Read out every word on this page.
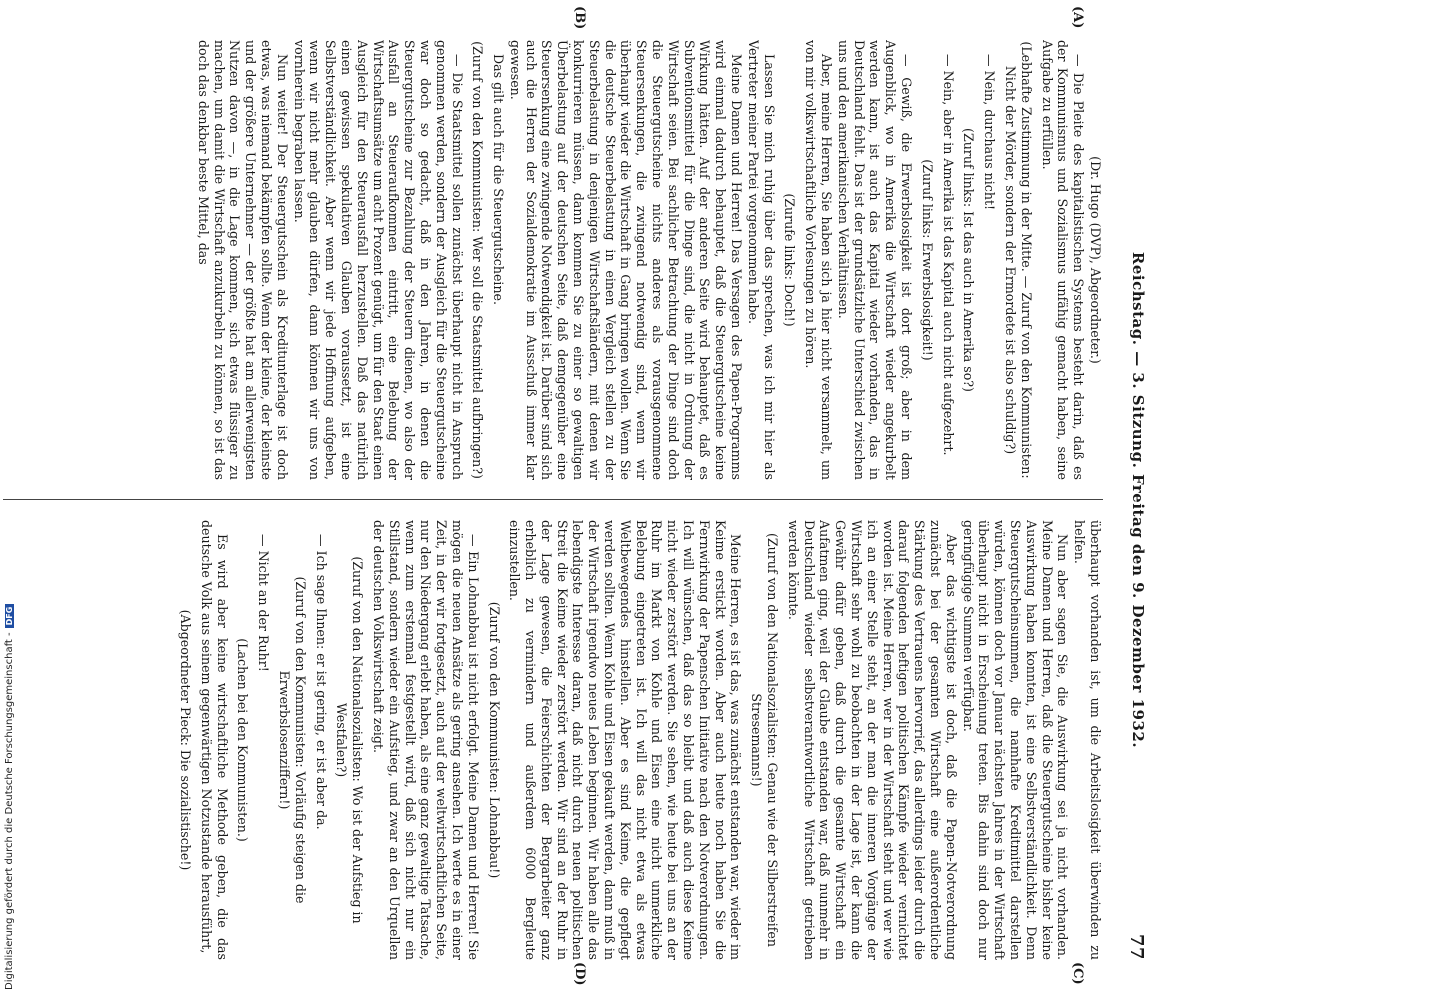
Digitalisierung gefördert durch die Deutsche Forschungsgemeinschaft -DFG	Reichstag. — 3. Sitzung. Freitag den 9. Dezember 1932.
77
(A)
(B)
(C)
(D)

(Dr. Hugo (DVP), Abgeordneter.)

— Die Pleite des kapitalistischen Systems besteht darin, daß es der Kommunismus und Sozialismus unfähig gemacht haben, seine Aufgabe zu erfüllen.

(Lebhafte Zustimmung in der Mitte. — Zuruf von den Kommunisten: Nicht der Mörder, sondern der Ermordete ist also schuldig?)

— Nein, durchaus nicht!

(Zuruf links: Ist das auch in Amerika so?)

— Nein, aber in Amerika ist das Kapital auch nicht aufgezehrt.

(Zuruf links: Erwerbslosigkeit!)

— Gewiß, die Erwerbslosigkeit ist dort groß; aber in dem Augenblick, wo in Amerika die Wirtschaft wieder angekurbelt werden kann, ist auch das Kapital wieder vorhanden, das in Deutschland fehlt. Das ist der grundsätzliche Unterschied zwischen uns und den amerikanischen Verhältnissen.

Aber, meine Herren, Sie haben sich ja hier nicht versammelt, um von mir volkswirtschaftliche Vorlesungen zu hören.

(Zurufe links: Doch!)

Lassen Sie mich ruhig über das sprechen, was ich mir hier als Vertreter meiner Partei vorgenommen habe.

Meine Damen und Herren! Das Versagen des Papen-Programms wird einmal dadurch behauptet, daß die Steuergutscheine keine Wirkung hätten. Auf der anderen Seite wird behauptet, daß es Subventionsmittel für die Dinge sind, die nicht in Ordnung der Wirtschaft seien. Bei sachlicher Betrachtung der Dinge sind doch die Steuergutscheine nichts anderes als vorausgenommene Steuersenkungen, die zwingend notwendig sind, wenn wir überhaupt wieder die Wirtschaft in Gang bringen wollen. Wenn Sie die deutsche Steuerbelastung in einen Vergleich stellen zu der Steuerbelastung in denjenigen Wirtschaftsländern, mit denen wir konkurrieren müssen, dann kommen Sie zu einer so gewaltigen Überbelastung auf der deutschen Seite, daß demgegenüber eine Steuersenkung eine zwingende Notwendigkeit ist. Darüber sind sich auch die Herren der Sozialdemokratie im Ausschuß immer klar gewesen.

Das gilt auch für die Steuergutscheine.

(Zuruf von den Kommunisten: Wer soll die Staatsmittel aufbringen?)

— Die Staatsmittel sollen zunächst überhaupt nicht in Anspruch genommen werden, sondern der Ausgleich für die Steuergutscheine war doch so gedacht, daß in den Jahren, in denen die Steuergutscheine zur Bezahlung der Steuern dienen, wo also der Ausfall an Steueraufkommen eintritt, eine Belebung der Wirtschaftsumsätze um acht Prozent genügt, um für den Staat einen Ausgleich für den Steuerausfall herzustellen. Daß das natürlich einen gewissen spekulativen Glauben voraussetzt, ist eine Selbstverständlichkeit. Aber wenn wir jede Hoffnung aufgeben, wenn wir nicht mehr glauben dürfen, dann können wir uns von vornherein begraben lassen.

Nun weiter! Der Steuergutschein als Kreditunterlage ist doch etwas, was niemand bekämpfen sollte. Wenn der kleine, der kleinste und der größere Unternehmer — der größte hat am allerwenigsten Nutzen davon —, in die Lage kommen, sich etwas flüssiger zu machen, um damit die Wirtschaft anzukurbeln zu können, so ist das doch das denkbar beste Mittel, das

überhaupt vorhanden ist, um die Arbeitslosigkeit überwinden zu helfen.

Nun aber sagen Sie, die Auswirkung sei ja nicht vorhanden. Meine Damen und Herren, daß die Steuergutscheine bisher keine Auswirkung haben konnten, ist eine Selbstverständlichkeit. Denn Steuergutscheinsummen, die namhafte Kreditmittel darstellen würden, können doch vor Januar nächsten Jahres in der Wirtschaft überhaupt nicht in Erscheinung treten. Bis dahin sind doch nur geringfügige Summen verfügbar.

Aber das wichtigste ist doch, daß die Papen-Notverordnung zunächst bei der gesamten Wirtschaft eine außerordentliche Stärkung des Vertrauens hervorrief, das allerdings leider durch die darauf folgenden heftigen politischen Kämpfe wieder vernichtet worden ist. Meine Herren, wer in der Wirtschaft steht und wer wie ich an einer Stelle steht, an der man die inneren Vorgänge der Wirtschaft sehr wohl zu beobachten in der Lage ist, der kann die Gewähr dafür geben, daß durch die gesamte Wirtschaft ein Aufatmen ging, weil der Glaube entstanden war, daß nunmehr in Deutschland wieder selbstverantwortliche Wirtschaft getrieben werden könnte.

(Zuruf von den Nationalsozialisten: Genau wie der Silberstreifen Stresemanns!)

Meine Herren, es ist das, was zunächst entstanden war, wieder im Keime erstickt worden. Aber auch heute noch haben Sie die Fernwirkung der Papenschen Initiative nach den Notverordnungen. Ich will wünschen, daß das so bleibt und daß auch diese Keime nicht wieder zerstört werden. Sie sehen, wie heute bei uns an der Ruhr im Markt von Kohle und Eisen eine nicht unmerkliche Belebung eingetreten ist. Ich will das nicht etwa als etwas Weltbewegendes hinstellen. Aber es sind Keime, die gepflegt werden sollten. Wenn Kohle und Eisen gekauft werden, dann muß in der Wirtschaft irgendwo neues Leben beginnen. Wir haben alle das lebendigste Interesse daran, daß nicht durch neuen politischen Streit die Keime wieder zerstört werden. Wir sind an der Ruhr in der Lage gewesen, die Feierschichten der Bergarbeiter ganz erheblich zu vermindern und außerdem 6000 Bergleute einzustellen.

(Zuruf von den Kommunisten: Lohnabbau!)

— Ein Lohnabbau ist nicht erfolgt. Meine Damen und Herren! Sie mögen die neuen Ansätze als gering ansehen. Ich werte es in einer Zeit, in der wir fortgesetzt, auch auf der weltwirtschaftlichen Seite, nur den Niedergang erlebt haben, als eine ganz gewaltige Tatsache, wenn zum erstenmal festgestellt wird, daß sich nicht nur ein Stillstand, sondern wieder ein Aufstieg, und zwar an den Urquellen der deutschen Volkswirtschaft zeigt.

(Zuruf von den Nationalsozialisten: Wo ist der Aufstieg in Westfalen?)

— Ich sage Ihnen: er ist gering, er ist aber da.

(Zuruf von den Kommunisten: Vorläufig steigen die Erwerbslosenziffern!)

— Nicht an der Ruhr!

(Lachen bei den Kommunisten.)

Es wird aber keine wirtschaftliche Methode geben, die das deutsche Volk aus seinem gegenwärtigen Notzustande herausführt,

(Abgeordneter Pieck: Die sozialistische!)
